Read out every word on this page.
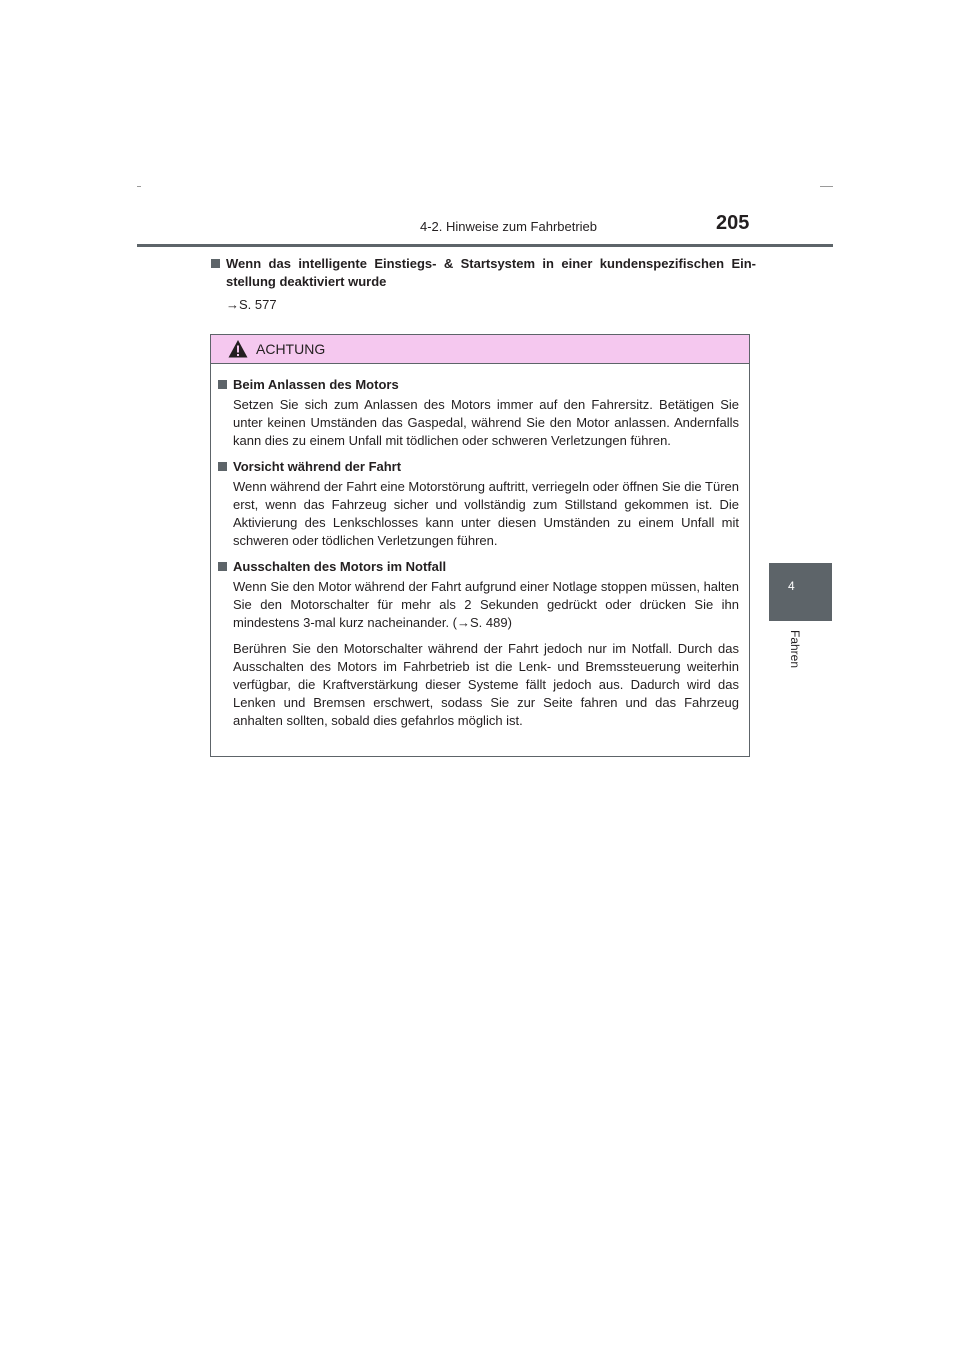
4-2. Hinweise zum Fahrbetrieb	205
4
Fahren
Wenn das intelligente Einstiegs- & Startsystem in einer kundenspezifischen Ein-stellung deaktiviert wurde
→S. 577
ACHTUNG
Beim Anlassen des Motors

Setzen Sie sich zum Anlassen des Motors immer auf den Fahrersitz. Betätigen Sie unter keinen Umständen das Gaspedal, während Sie den Motor anlassen. Andernfalls kann dies zu einem Unfall mit tödlichen oder schweren Verletzungen führen.

Vorsicht während der Fahrt

Wenn während der Fahrt eine Motorstörung auftritt, verriegeln oder öffnen Sie die Türen erst, wenn das Fahrzeug sicher und vollständig zum Stillstand gekommen ist. Die Aktivierung des Lenkschlosses kann unter diesen Umständen zu einem Unfall mit schweren oder tödlichen Verletzungen führen.

Ausschalten des Motors im Notfall

Wenn Sie den Motor während der Fahrt aufgrund einer Notlage stoppen müssen, halten Sie den Motorschalter für mehr als 2 Sekunden gedrückt oder drücken Sie ihn mindestens 3-mal kurz nacheinander. (→S. 489)

Berühren Sie den Motorschalter während der Fahrt jedoch nur im Notfall. Durch das Ausschalten des Motors im Fahrbetrieb ist die Lenk- und Bremssteuerung weiterhin verfügbar, die Kraftverstärkung dieser Systeme fällt jedoch aus. Dadurch wird das Lenken und Bremsen erschwert, sodass Sie zur Seite fahren und das Fahrzeug anhalten sollten, sobald dies gefahrlos möglich ist.
